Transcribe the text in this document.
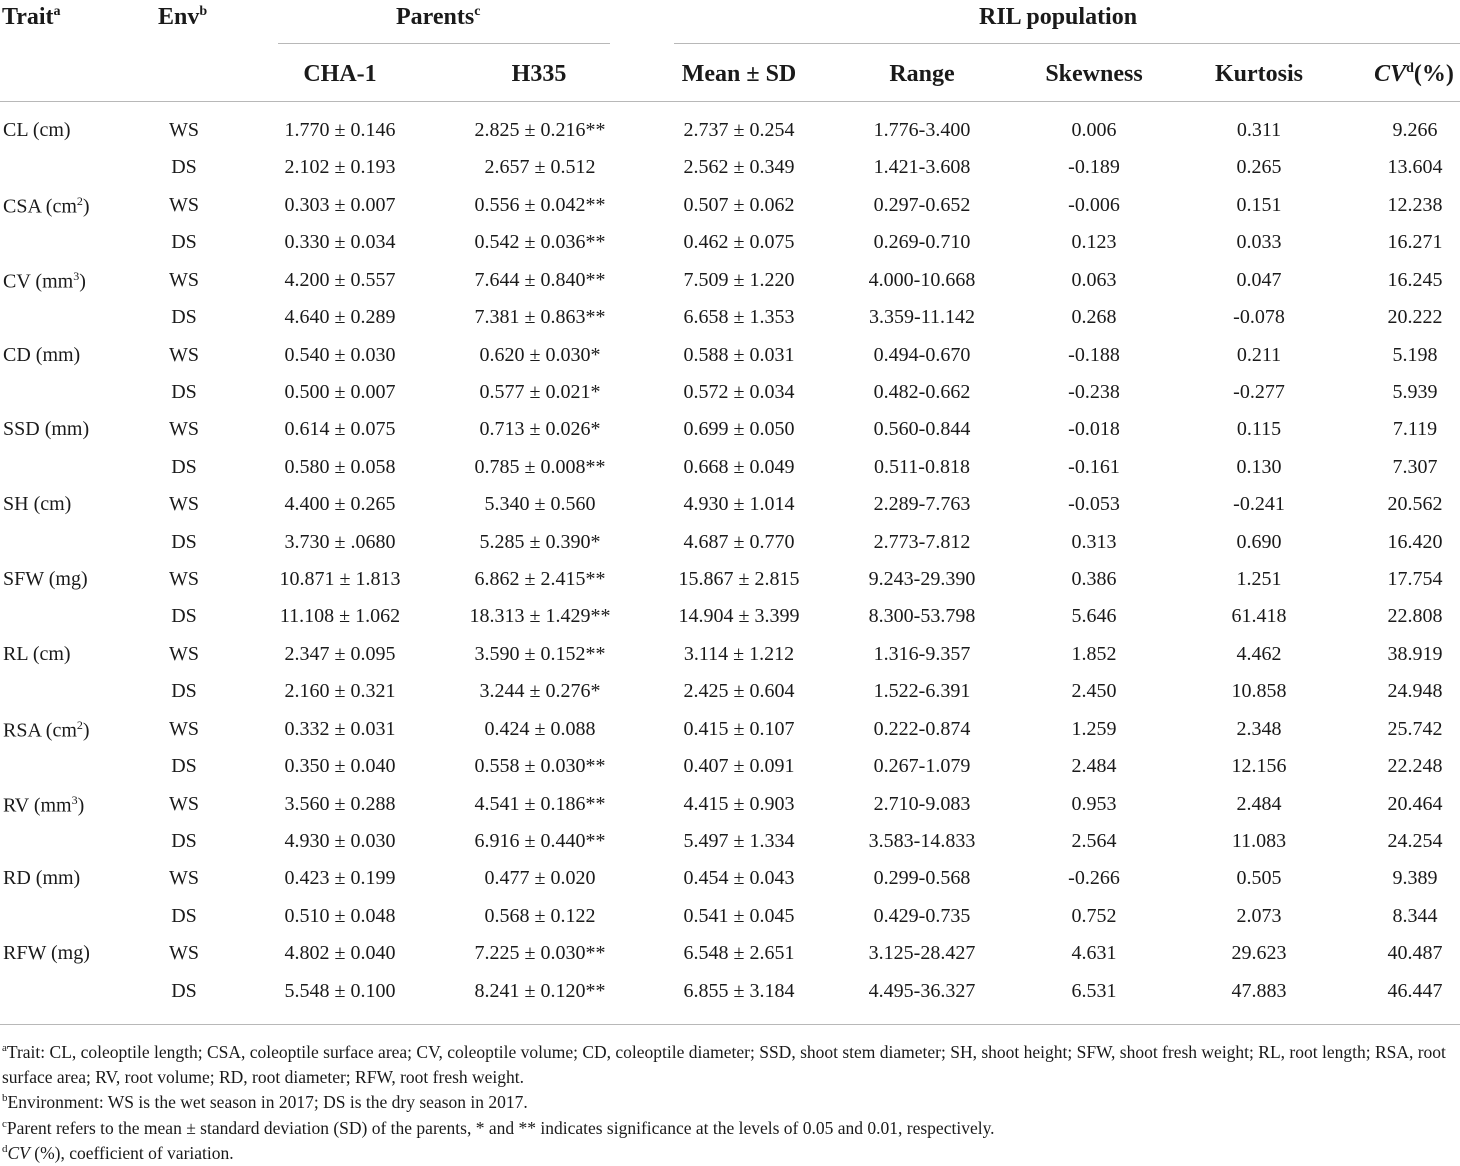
Trait$^a$	Env$^b$	Parents$^c$	RIL population
CHA-1	H335	Mean ± SD	Range	Skewness	Kurtosis	$CV^d(\%)$
CL (cm)	WS	1.770 ± 0.146	2.825 ± 0.216**	2.737 ± 0.254	1.776-3.400	0.006	0.311	9.266
DS	2.102 ± 0.193	2.657 ± 0.512	2.562 ± 0.349	1.421-3.608	-0.189	0.265	13.604
CSA $(cm^2)$	WS	0.303 ± 0.007	0.556 ± 0.042**	0.507 ± 0.062	0.297-0.652	-0.006	0.151	12.238
DS	0.330 ± 0.034	0.542 ± 0.036**	0.462 ± 0.075	0.269-0.710	0.123	0.033	16.271
CV $(mm^3)$	WS	4.200 ± 0.557	7.644 ± 0.840**	7.509 ± 1.220	4.000-10.668	0.063	0.047	16.245
DS	4.640 ± 0.289	7.381 ± 0.863**	6.658 ± 1.353	3.359-11.142	0.268	-0.078	20.222
CD (mm)	WS	0.540 ± 0.030	0.620 ± 0.030*	0.588 ± 0.031	0.494-0.670	-0.188	0.211	5.198
DS	0.500 ± 0.007	0.577 ± 0.021*	0.572 ± 0.034	0.482-0.662	-0.238	-0.277	5.939
SSD (mm)	WS	0.614 ± 0.075	0.713 ± 0.026*	0.699 ± 0.050	0.560-0.844	-0.018	0.115	7.119
DS	0.580 ± 0.058	0.785 ± 0.008**	0.668 ± 0.049	0.511-0.818	-0.161	0.130	7.307
SH (cm)	WS	4.400 ± 0.265	5.340 ± 0.560	4.930 ± 1.014	2.289-7.763	-0.053	-0.241	20.562
DS	3.730 ± .0680	5.285 ± 0.390*	4.687 ± 0.770	2.773-7.812	0.313	0.690	16.420
SFW (mg)	WS	10.871 ± 1.813	6.862 ± 2.415**	15.867 ± 2.815	9.243-29.390	0.386	1.251	17.754
DS	11.108 ± 1.062	18.313 ± 1.429**	14.904 ± 3.399	8.300-53.798	5.646	61.418	22.808
RL (cm)	WS	2.347 ± 0.095	3.590 ± 0.152**	3.114 ± 1.212	1.316-9.357	1.852	4.462	38.919
DS	2.160 ± 0.321	3.244 ± 0.276*	2.425 ± 0.604	1.522-6.391	2.450	10.858	24.948
RSA $(cm^2)$	WS	0.332 ± 0.031	0.424 ± 0.088	0.415 ± 0.107	0.222-0.874	1.259	2.348	25.742
DS	0.350 ± 0.040	0.558 ± 0.030**	0.407 ± 0.091	0.267-1.079	2.484	12.156	22.248
RV $(mm^3)$	WS	3.560 ± 0.288	4.541 ± 0.186**	4.415 ± 0.903	2.710-9.083	0.953	2.484	20.464
DS	4.930 ± 0.030	6.916 ± 0.440**	5.497 ± 1.334	3.583-14.833	2.564	11.083	24.254
RD (mm)	WS	0.423 ± 0.199	0.477 ± 0.020	0.454 ± 0.043	0.299-0.568	-0.266	0.505	9.389
DS	0.510 ± 0.048	0.568 ± 0.122	0.541 ± 0.045	0.429-0.735	0.752	2.073	8.344
RFW (mg)	WS	4.802 ± 0.040	7.225 ± 0.030**	6.548 ± 2.651	3.125-28.427	4.631	29.623	40.487
DS	5.548 ± 0.100	8.241 ± 0.120**	6.855 ± 3.184	4.495-36.327	6.531	47.883	46.447
$^a$Trait: CL, coleoptile length; CSA, coleoptile surface area; CV, coleoptile volume; CD, coleoptile diameter; SSD, shoot stem diameter; SH, shoot height; SFW, shoot fresh weight; RL, root length; RSA, root surface area; RV, root volume; RD, root diameter; RFW, root fresh weight.
$^b$Environment: WS is the wet season in 2017; DS is the dry season in 2017.
$^c$Parent refers to the mean ± standard deviation (SD) of the parents, * and ** indicates significance at the levels of 0.05 and 0.01, respectively.
$^d$CV (%), coefficient of variation.
